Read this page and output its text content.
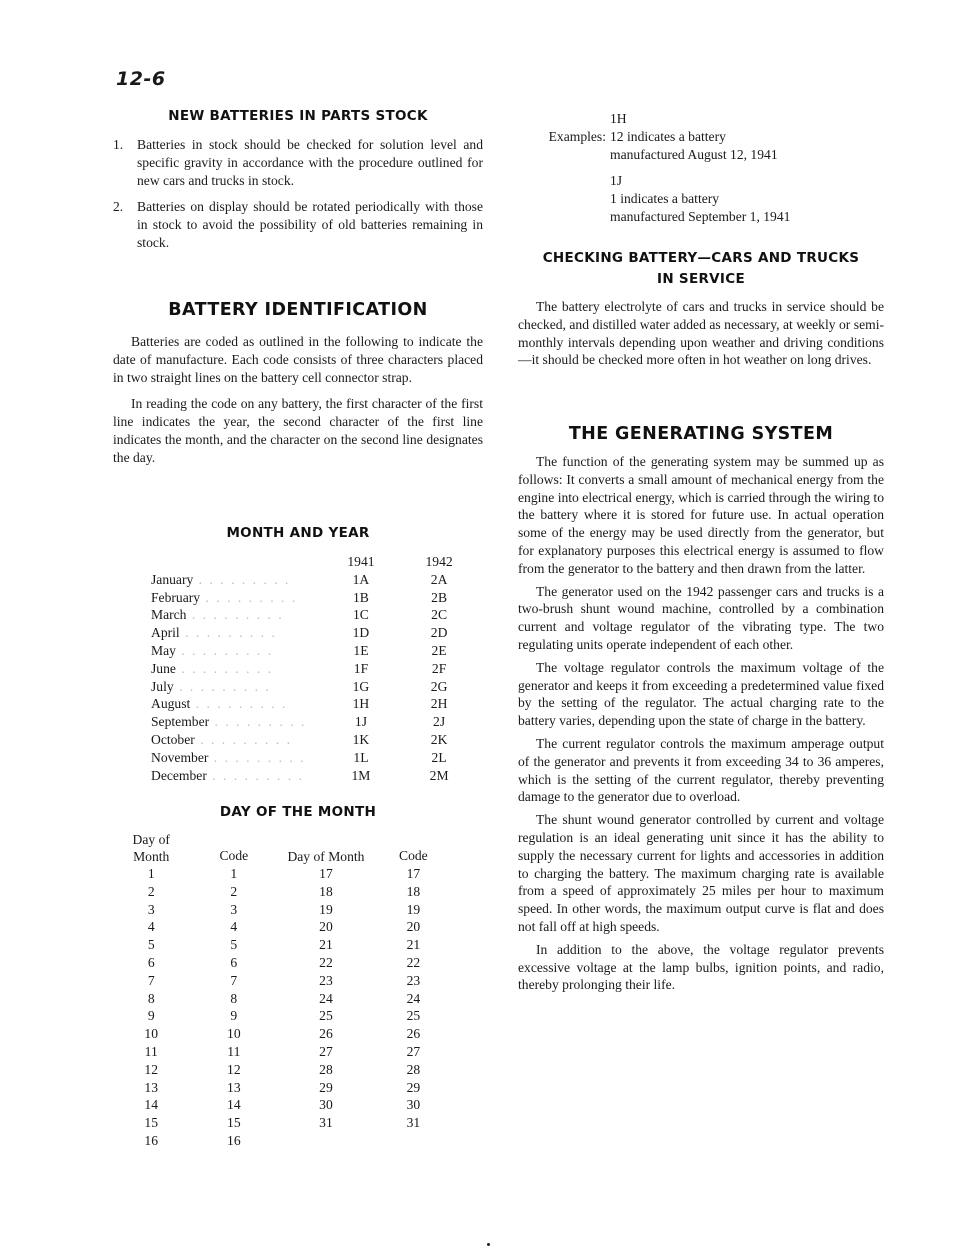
12-6
NEW BATTERIES IN PARTS STOCK
1.	Batteries in stock should be checked for solution level and specific gravity in accordance with the procedure outlined for new cars and trucks in stock.
2.	Batteries on display should be rotated periodically with those in stock to avoid the possibility of old batteries remaining in stock.
BATTERY IDENTIFICATION

Batteries are coded as outlined in the following to indicate the date of manufacture. Each code consists of three characters placed in two straight lines on the battery cell connector strap.

In reading the code on any battery, the first character of the first line indicates the year, the second character of the first line indicates the month, and the character on the second line designates the day.

MONTH AND YEAR
	1941	1942
January . . . . . . . . .	1A	2A
February . . . . . . . . .	1B	2B
March . . . . . . . . .	1C	2C
April . . . . . . . . .	1D	2D
May . . . . . . . . .	1E	2E
June . . . . . . . . .	1F	2F
July . . . . . . . . .	1G	2G
August . . . . . . . . .	1H	2H
September . . . . . . . . .	1J	2J
October . . . . . . . . .	1K	2K
November . . . . . . . . .	1L	2L
December . . . . . . . . .	1M	2M
DAY OF THE MONTH
Day of Month	Code	Day of Month	Code
1	1	17	17
2	2	18	18
3	3	19	19
4	4	20	20
5	5	21	21
6	6	22	22
7	7	23	23
8	8	24	24
9	9	25	25
10	10	26	26
11	11	27	27
12	12	28	28
13	13	29	29
14	14	30	30
15	15	31	31
16	16		

Examples:
1H
12 indicates a battery
manufactured August 12, 1941
1J
1 indicates a battery
manufactured September 1, 1941
CHECKING BATTERY—CARS AND TRUCKS
IN SERVICE

The battery electrolyte of cars and trucks in service should be checked, and distilled water added as necessary, at weekly or semi-monthly intervals depending upon weather and driving conditions—it should be checked more often in hot weather on long drives.

THE GENERATING SYSTEM

The function of the generating system may be summed up as follows: It converts a small amount of mechanical energy from the engine into electrical energy, which is carried through the wiring to the battery where it is stored for future use. In actual operation some of the energy may be used directly from the generator, but for explanatory purposes this electrical energy is assumed to flow from the generator to the battery and then drawn from the latter.

The generator used on the 1942 passenger cars and trucks is a two-brush shunt wound machine, controlled by a combination current and voltage regulator of the vibrating type. The two regulating units operate independent of each other.

The voltage regulator controls the maximum voltage of the generator and keeps it from exceeding a predetermined value fixed by the setting of the regulator. The actual charging rate to the battery varies, depending upon the state of charge in the battery.

The current regulator controls the maximum amperage output of the generator and prevents it from exceeding 34 to 36 amperes, which is the setting of the current regulator, thereby preventing damage to the generator due to overload.

The shunt wound generator controlled by current and voltage regulation is an ideal generating unit since it has the ability to supply the necessary current for lights and accessories in addition to charging the battery. The maximum charging rate is available from a speed of approximately 25 miles per hour to maximum speed. In other words, the maximum output curve is flat and does not fall off at high speeds.

In addition to the above, the voltage regulator prevents excessive voltage at the lamp bulbs, ignition points, and radio, thereby prolonging their life.
